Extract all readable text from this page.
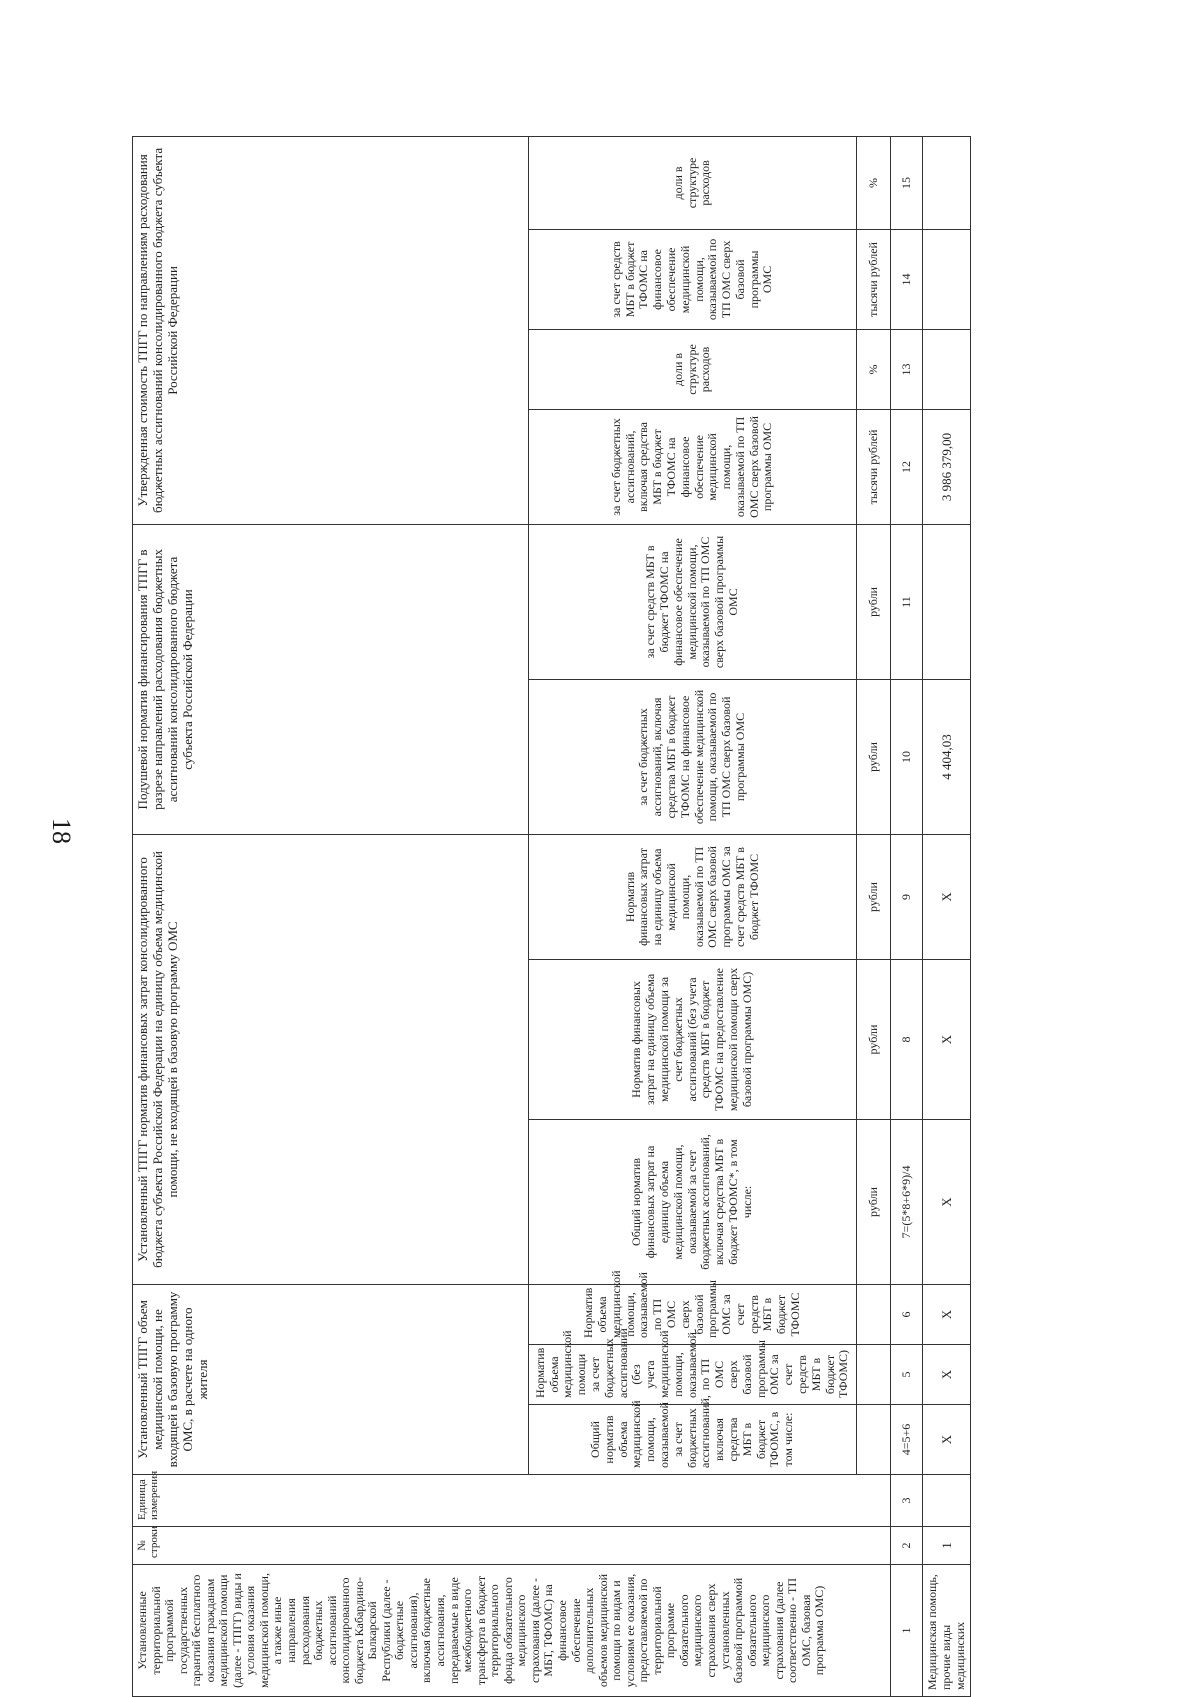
18
Установленные территориальной программой государственных гарантий бесплатного оказания гражданам медицинской помощи (далее - ТПГГ) виды и условия оказания медицинской помощи, а также иные направления расходования бюджетных ассигнований консолидированного бюджета Кабардино-Балкарской Республики (далее - бюджетные ассигнования), включая бюджетные ассигнования, передаваемые в виде межбюджетного трансферта в бюджет территориального фонда обязательного медицинского страхования (далее - МБТ, ТФОМС) на финансовое обеспечение дополнительных объемов медицинской помощи по видам и условиям ее оказания, предоставляемой по территориальной программе обязательного медицинского страхования сверх установленных базовой программой обязательного медицинского страхования (далее соответственно - ТП ОМС, базовая программа ОМС)	№ строки	Единица измерения	Установленный ТПГГ объем медицинской помощи, не входящей в базовую программу ОМС, в расчете на одного жителя			Установленный ТПГГ норматив финансовых затрат консолидированного бюджета субъекта Российской Федерации на единицу объема медицинской помощи, не входящей в базовую программу ОМС			Подушевой норматив финансирования ТПГГ в разрезе направлений расходования бюджетных ассигнований консолидированного бюджета субъекта Российской Федерации		Утвержденная стоимость ТПГГ по направлениям расходования бюджетных ассигнований консолидированного бюджета субъекта Российской Федерации			
			Общий норматив объема медицинской помощи, оказываемой за счет бюджетных ассигнований, включая средства МБТ в бюджет ТФОМС, в том числе:	Норматив объема медицинской помощи за счет бюджетных ассигнований (без учета медицинской помощи, оказываемой по ТП ОМС сверх базовой программы ОМС за счет средств МБТ в бюджет ТФОМС)	Норматив объема медицинской помощи, оказываемой по ТП ОМС сверх базовой программы ОМС за счет средств МБТ в бюджет ТФОМС	Общий норматив финансовых затрат на единицу объема медицинской помощи, оказываемой за счет бюджетных ассигнований, включая средства МБТ в бюджет ТФОМС*, в том числе:	Норматив финансовых затрат на единицу объема медицинской помощи за счет бюджетных ассигнований (без учета средств МБТ в бюджет ТФОМС на предоставление медицинской помощи сверх базовой программы ОМС)	Норматив финансовых затрат на единицу объема медицинской помощи, оказываемой по ТП ОМС сверх базовой программы ОМС за счет средств МБТ в бюджет ТФОМС	за счет бюджетных ассигнований, включая средства МБТ в бюджет ТФОМС на финансовое обеспечение медицинской помощи, оказываемой по ТП ОМС сверх базовой программы ОМС	за счет средств МБТ в бюджет ТФОМС на финансовое обеспечение медицинской помощи, оказываемой по ТП ОМС сверх базовой программы ОМС	за счет бюджетных ассигнований, включая средства МБТ в бюджет ТФОМС на финансовое обеспечение медицинской помощи, оказываемой по ТП ОМС сверх базовой программы ОМС	доли в структуре расходов	за счет средств МБТ в бюджет ТФОМС на финансовое обеспечение медицинской помощи, оказываемой по ТП ОМС сверх базовой программы ОМС	доли в структуре расходов
						рубли	рубли	рубли	рубли	рубли	тысячи рублей	%	тысячи рублей	%
1	2	3	4=5+6	5	6	7=(5*8+6*9)/4	8	9	10	11	12	13	14	15
Медицинская помощь, прочие виды медицинских	1		X	X	X	X	X	X	4 404,03		3 986 379,00			
